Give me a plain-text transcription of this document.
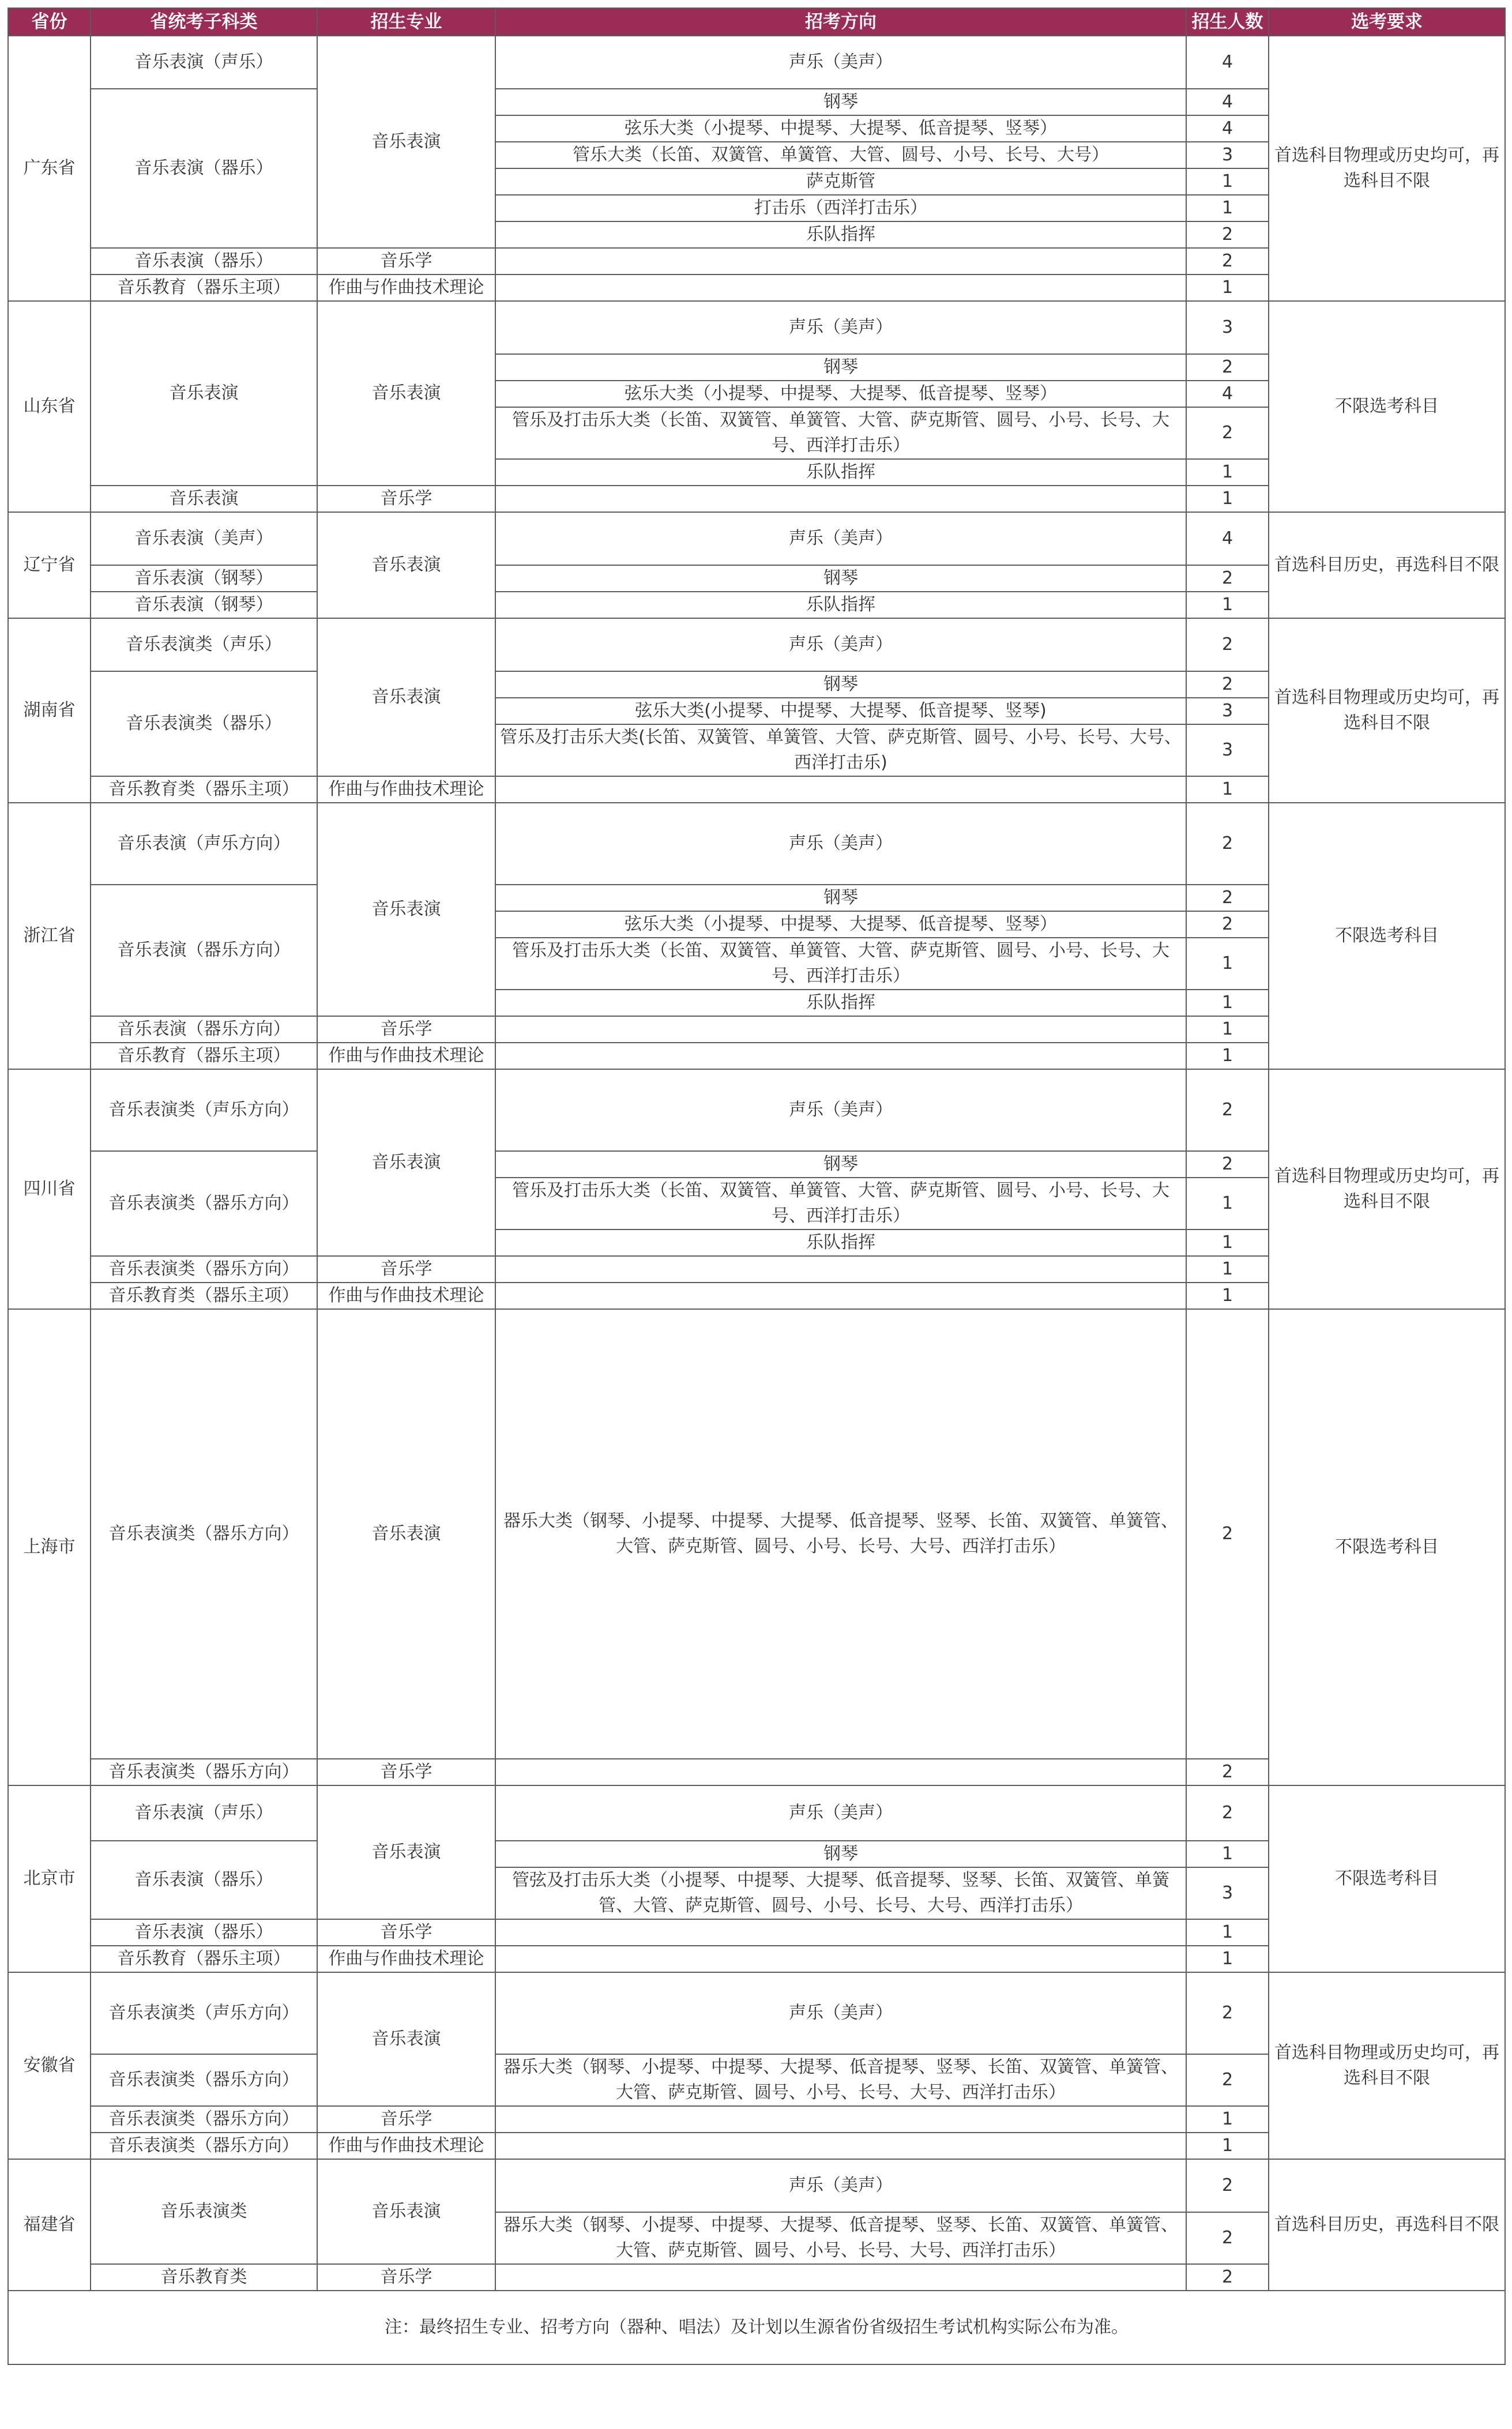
省份	省统考子科类	招生专业	招考方向	招生人数	选考要求
广东省	音乐表演（声乐）	音乐表演	声乐（美声）	4	首选科目物理或历史均可，再选科目不限
	音乐表演（器乐）		钢琴	4	
			弦乐大类（小提琴、中提琴、大提琴、低音提琴、竖琴）	4	
			管乐大类（长笛、双簧管、单簧管、大管、圆号、小号、长号、大号）	3	
			萨克斯管	1	
			打击乐（西洋打击乐）	1	
			乐队指挥	2	
	音乐表演（器乐）	音乐学		2	
	音乐教育（器乐主项）	作曲与作曲技术理论		1	
山东省	音乐表演	音乐表演	声乐（美声）	3	不限选考科目
			钢琴	2	
			弦乐大类（小提琴、中提琴、大提琴、低音提琴、竖琴）	4	
			管乐及打击乐大类（长笛、双簧管、单簧管、大管、萨克斯管、圆号、小号、长号、大号、西洋打击乐）	2	
			乐队指挥	1	
	音乐表演	音乐学		1	
辽宁省	音乐表演（美声）	音乐表演	声乐（美声）	4	首选科目历史，再选科目不限
	音乐表演（钢琴）		钢琴	2	
	音乐表演（钢琴）		乐队指挥	1	
湖南省	音乐表演类（声乐）	音乐表演	声乐（美声）	2	首选科目物理或历史均可，再选科目不限
	音乐表演类（器乐）		钢琴	2	
			弦乐大类(小提琴、中提琴、大提琴、低音提琴、竖琴)	3	
			管乐及打击乐大类(长笛、双簧管、单簧管、大管、萨克斯管、圆号、小号、长号、大号、西洋打击乐)	3	
	音乐教育类（器乐主项）	作曲与作曲技术理论		1	
浙江省	音乐表演（声乐方向）	音乐表演	声乐（美声）	2	不限选考科目
	音乐表演（器乐方向）		钢琴	2	
			弦乐大类（小提琴、中提琴、大提琴、低音提琴、竖琴）	2	
			管乐及打击乐大类（长笛、双簧管、单簧管、大管、萨克斯管、圆号、小号、长号、大号、西洋打击乐）	1	
			乐队指挥	1	
	音乐表演（器乐方向）	音乐学		1	
	音乐教育（器乐主项）	作曲与作曲技术理论		1	
四川省	音乐表演类（声乐方向）	音乐表演	声乐（美声）	2	首选科目物理或历史均可，再选科目不限
	音乐表演类（器乐方向）		钢琴	2	
			管乐及打击乐大类（长笛、双簧管、单簧管、大管、萨克斯管、圆号、小号、长号、大号、西洋打击乐）	1	
			乐队指挥	1	
	音乐表演类（器乐方向）	音乐学		1	
	音乐教育类（器乐主项）	作曲与作曲技术理论		1	
上海市	音乐表演类（器乐方向）	音乐表演	器乐大类（钢琴、小提琴、中提琴、大提琴、低音提琴、竖琴、长笛、双簧管、单簧管、大管、萨克斯管、圆号、小号、长号、大号、西洋打击乐）	2	不限选考科目
	音乐表演类（器乐方向）	音乐学		2	
北京市	音乐表演（声乐）	音乐表演	声乐（美声）	2	不限选考科目
	音乐表演（器乐）		钢琴	1	
			管弦及打击乐大类（小提琴、中提琴、大提琴、低音提琴、竖琴、长笛、双簧管、单簧管、大管、萨克斯管、圆号、小号、长号、大号、西洋打击乐）	3	
	音乐表演（器乐）	音乐学		1	
	音乐教育（器乐主项）	作曲与作曲技术理论		1	
安徽省	音乐表演类（声乐方向）	音乐表演	声乐（美声）	2	首选科目物理或历史均可，再选科目不限
	音乐表演类（器乐方向）		器乐大类（钢琴、小提琴、中提琴、大提琴、低音提琴、竖琴、长笛、双簧管、单簧管、大管、萨克斯管、圆号、小号、长号、大号、西洋打击乐）	2	
	音乐表演类（器乐方向）	音乐学		1	
	音乐表演类（器乐方向）	作曲与作曲技术理论		1	
福建省	音乐表演类	音乐表演	声乐（美声）	2	首选科目历史，再选科目不限
			器乐大类（钢琴、小提琴、中提琴、大提琴、低音提琴、竖琴、长笛、双簧管、单簧管、大管、萨克斯管、圆号、小号、长号、大号、西洋打击乐）	2	
	音乐教育类	音乐学		2	
注：最终招生专业、招考方向（器种、唱法）及计划以生源省份省级招生考试机构实际公布为准。					
